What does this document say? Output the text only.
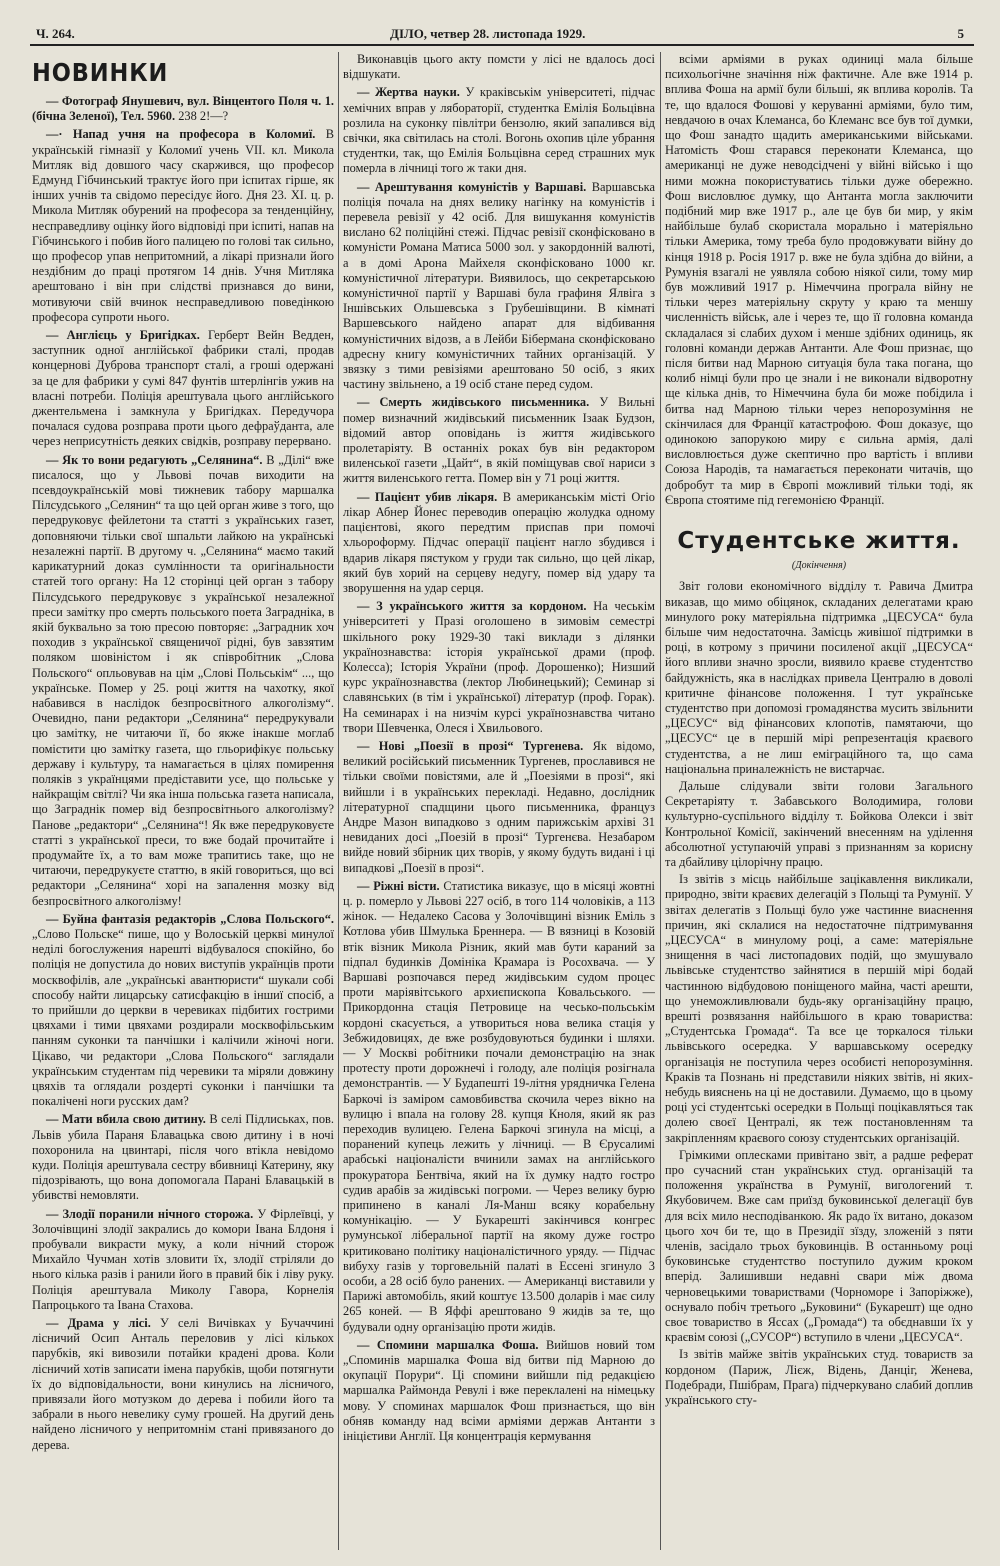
Ч. 264.	ДІЛО, четвер 28. листопада 1929.	5
НОВИНКИ

— Фотограф Янушевич, вул. Вінцентого Поля ч. 1. (бічна Зеленої), Тел. 5960. 238 2!—?

—· Напад учня на професора в Коломиї. В українській гімназії у Коломиї учень VII. кл. Микола Митляк від довшого часу скаржився, що професор Едмунд Гібчинський трактує його при іспитах гірше, як інших учнів та свідомо пересідує його. Дня 23. XI. ц. р. Микола Митляк обурений на професора за тенденційну, несправедливу оцінку його відповіді при іспиті, напав на Гібчинського і побив його палицею по голові так сильно, що професор упав непритомний, а лікарі признали його нездібним до праці протягом 14 днів. Учня Митляка арештовано і він при слідстві признався до вини, мотивуючи свій вчинок несправедливою поведінкою професора супроти нього.

— Англієць у Бригідках. Герберт Вейн Ведден, заступник одної англійської фабрики сталі, продав концернові Дуброва транспорт сталі, а гроші одержані за це для фабрики у сумі 847 фунтів штерлінгів ужив на власні потреби. Поліція арештувала цього англійського джентельмена і замкнула у Бригідках. Передучора почалася судова розправа проти цього дефраўданта, але через неприсутність деяких свідків, розправу перервано.

— Як то вони редагують „Селянина“. В „Ділі“ вже писалося, що у Львові почав виходити на псевдоукраїнській мові тижневик табору маршалка Пілсудського „Селянин“ та що цей орган живе з того, що передруковує фейлетони та статті з українських газет, доповняючи тільки свої шпальти лайкою на українські незалежні партії. В другому ч. „Селянина“ маємо такий карикатурний доказ сумлінности та оригінальности статей того органу: На 12 сторінці цей орган з табору Пілсудського передруковує з української незалежної преси замітку про смерть польського поета Заградніка, в якій буквально за тою пресою повторяє: „Заградник хоч походив з української священичої рідні, був завзятим поляком шовіністом і як співробітник „Слова Польского“ опльовував на цім „Слові Польськім“ ..., що українське. Помер у 25. році життя на чахотку, якої набавився в наслідок безпросвітного алкоголізму“. Очевидно, пани редактори „Селянина“ передрукували цю замітку, не читаючи її, бо якже інакше моглаб помістити цю замітку газета, що гльорифікує польську державу і культуру, та намагається в цілях помирення поляків з українцями предіставити усе, що польське у найкращім світлі? Чи яка інша польська газета написала, що Заграднік помер від безпросвітнього алкоголізму? Панове „редактори“ „Селянина“! Як вже передруковуєте статті з української преси, то вже бодай прочитайте і продумайте їх, а то вам може трапитись таке, що не читаючи, передрукуєте статтю, в якій говориться, що всі редактори „Селянина“ хорі на запалення мозку від безпросвітного алкоголізму!

— Буйна фантазія редакторів „Слова Польского“. „Слово Польске“ пише, що у Волоській церкві минулої неділі богослужения нарешті відбувалося спокійно, бо поліція не допустила до нових виступів українців проти москвофілів, але „українські авантюристи“ шукали собі способу найти лицарську сатисфакцію в іншиї спосіб, а то прийшли до церкви в черевиках підбитих гострими цвяхами і тими цвяхами роздирали москвофільським панням суконки та панчішки і калічили жіночі ноги. Цікаво, чи редактори „Слова Польского“ заглядали українським студентам під черевики та міряли довжину цвяхів та оглядали роздерті суконки і панчішки та покалічені ноги русских дам?

— Мати вбила свою дитину. В селі Підлиськах, пов. Львів убила Параня Блавацька свою дитину і в ночі похоронила на цвинтарі, після чого втікла невідомо куди. Поліція арештувала сестру вбивниці Катерину, яку підозрівають, що вона допомогала Парані Блавацькій в убивстві немовляти.

— Злодії поранили нічного сторожа. У Фірлеївці, у Золочівщині злодії закрались до комори Івана Блдоня і пробували викрасти муку, а коли нічний сторож Михайло Чучман хотів зловити їх, злодії стріляли до нього кілька разів і ранили його в правий бік і ліву руку. Поліція арештувала Миколу Гавора, Корнелія Папроцького та Івана Стахова.

— Драма у лісі. У селі Вичівках у Бучаччині лісничий Осип Анталь переловив у лісі кількох парубків, які вивозили потайки крадені дрова. Коли лісничий хотів записати імена парубків, щоби потягнути їх до відповідальности, вони кинулись на лісничого, привязали його мотузком до дерева і побили його та забрали в нього невелику суму грошей. На другий день найдено лісничого у непритомнім стані привязаного до дерева.

Виконавців цього акту помсти у лісі не вдалось досі відшукати.

— Жертва науки. У краківськім університеті, підчас хемічних вправ у лябораторії, студентка Емілія Больцівна розлила на суконку півлітри бензолю, який запалився від свічки, яка світилась на столі. Вогонь охопив ціле убрання студентки, так, що Емілія Больцівна серед страшних мук померла в лічниці того ж таки дня.

— Арештування комуністів у Варшаві. Варшавська поліція почала на днях велику нагінку на комуністів і перевела ревізії у 42 осіб. Для вишукання комуністів вислано 62 поліційні стежі. Підчас ревізії сконфісковано в комуністи Романа Матиса 5000 зол. у закордонній валюті, а в домі Арона Майхеля сконфісковано 1000 кг. комуністичної літератури. Виявилось, що секретарською комуністичної партії у Варшаві була графиня Ялвіга з Іншівських Ольшевська з Грубешівщини. В кімнаті Варшевського найдено апарат для відбивання комуністичних відозв, а в Лейби Бібермана сконфісковано адресну книгу комуністичних тайних організацій. У звязку з тими ревізіями арештовано 50 осіб, з яких частину звільнено, а 19 осіб стане перед судом.

— Смерть жидівського письменника. У Вильні помер визначний жидівський письменник Ізаак Будзон, відомий автор оповідань із життя жидівського пролетаріяту. В останніх роках був він редактором виленської газети „Цайт“, в якій поміщував свої нариси з життя виленського гетта. Помер він у 71 році життя.

— Пацієнт убив лікаря. В американськім місті Огіо лікар Абнер Йонес переводив операцію жолудка одному пацієнтові, якого передтим приспав при помочі хльороформу. Підчас операції пацієнт нагло збудився і вдарив лікаря пястуком у груди так сильно, що цей лікар, який був хорий на серцеву недугу, помер від удару та зворушення на удар серця.

— З українського життя за кордоном. На чеськім університеті у Празі оголошено в зимовім семестрі шкільного року 1929-30 такі виклади з ділянки українознавства: історія української драми (проф. Колесса); Історія України (проф. Дорошенко); Низший курс українознавства (лектор Любинецький); Семинар зі славянських (в тім і української) літератур (проф. Горак). На семинарах і на низчім курсі українознавства читано твори Шевченка, Олеся і Хвильового.

— Нові „Поезії в прозі“ Тургенева. Як відомо, великий російський письменник Тургенев, прославився не тільки своїми повістями, але й „Поезіями в прозі“, які вийшли і в українських перекладі. Недавно, дослідник літературної спадщини цього письменника, француз Андре Мазон випадково з одним парижськім архіві 31 невиданих досі „Поезій в прозі“ Тургенєва. Незабаром вийде новий збірник цих творів, у якому будуть видані і ці випадкові „Поезії в прозі“.

— Ріжні вісти. Статистика виказує, що в місяці жовтні ц. р. померло у Львові 227 осіб, в того 114 чоловіків, а 113 жінок. — Недалеко Сасова у Золочівщині візник Еміль з Котлова убив Шмулька Бреннера. — В вязниці в Козовій втік візник Микола Різник, який мав бути караний за підпал будинків Домініка Крамара із Росохвача. — У Варшаві розпочався перед жидівським судом процес проти маріявітського архиєпископа Ковальського. — Прикордонна стація Петровице на чесько-польськім кордоні скасується, а утвориться нова велика стація у Зебжидовицях, де вже розбудовуються будинки і шляхи. — У Москві робітники почали демонстрацію на знак протесту проти дорожнечі і голоду, але поліція розігнала демонстрантів. — У Будапешті 19-літня урядничка Гелена Баркочі із заміром самовбивства скочила через вікно на вулицю і впала на голову 28. купця Кноля, який як раз переходив вулицею. Гелена Баркочі згинула на місці, а поранений купець лежить у лічниці. — В Єрусалимі арабські націоналісти вчинили замах на англійського прокуратора Бентвіча, який на їх думку надто гостро судив арабів за жидівські погроми. — Через велику бурю припинено в каналі Ля-Манш всяку корабельну комунікацію. — У Букарешті закінчився конгрес румунської ліберальної партії на якому дуже гостро критиковано політику націоналістичного уряду. — Підчас вибуху газів у торговельній палаті в Ессені згинуло 3 особи, а 28 осіб було ранених. — Американці виставили у Парижі автомобіль, який коштує 13.500 доларів і має силу 265 коней. — В Яффі арештовано 9 жидів за те, що будували одну організацію проти жидів.

— Спомини маршалка Фоша. Вийшов новий том „Споминів маршалка Фоша від битви під Марною до окупації Порури“. Ці спомини вийшли під редакцією маршалка Раймонда Ревулі і вже переклалені на німецьку мову. У споминах маршалок Фош признається, що він обняв команду над всіми арміями держав Антанти з ініцієтиви Англії. Ця концентрація кермування

всіми арміями в руках одиниці мала більше психольогічне значіння ніж фактичне. Але вже 1914 р. вплива Фоша на армії були більші, як вплива королів. Та те, що вдалося Фошові у керуванні арміями, було тим, невдачою в очах Клеманса, бо Клеманс все був тої думки, що Фош занадто щадить американськими військами. Натомість Фош старався переконати Клеманса, що американці не дуже неводсідчені у війні військо і що ними можна покористуватись тільки дуже обережно. Фош висловлює думку, що Антанта могла заключити подібний мир вже 1917 р., але це був би мир, у якім найбільше булаб скористала морально і матеріяльно тільки Америка, тому треба було продовжувати війну до кінця 1918 р. Росія 1917 р. вже не була здібна до війни, а Румунія взагалі не уявляла собою ніякої сили, тому мир був можливий 1917 р. Німеччина програла війну не тільки через матеріяльну скруту у краю та меншу численність військ, але і через те, що її головна команда складалася зі слабих духом і менше здібних одиниць, як головні команди держав Антанти. Але Фош признає, що після битви над Марною ситуація була така погана, що колиб німці були про це знали і не виконали відворотну ще кілька днів, то Німеччина була би може побідила і битва над Марною тільки через непорозуміння не скінчилася для Франції катастрофою. Фош доказує, що одинокою запорукою миру є сильна армія, далі висловлюється дуже скептично про вартість і впливи Союза Народів, та намагається переконати читачів, що добробут та мир в Європі можливий тільки тоді, як Європа стоятиме під гегемонією Франції.

Студентське життя.
(Докінчення)

Звіт голови економічного відділу т. Равича Дмитра виказав, що мимо обіцянок, складаних делегатами краю минулого року матеріяльна підтримка „ЦЕСУСА“ була більше чим недостаточна. Замісць живішої підтримки в році, в котрому з причини посиленої акції „ЦЕСУСА“ його впливи значно зросли, виявило краєве студентство байдужність, яка в наслідках привела Централю в доволі критичне фінансове положення. І тут українське студентство при допомозі громадянства мусить звільнити „ЦЕСУС“ від фінансових клопотів, памятаючи, що „ЦЕСУС“ це в першій мірі репрезентація краєвого студентства, а не лиш еміграційного та, що сама національна приналежність не вистарчає.

Дальше слідували звіти голови Загального Секретаріяту т. Забавського Володимира, голови культурно-суспільного відділу т. Бойкова Олекси і звіт Контрольної Комісії, закінчений внесенням на уділення абсолютної уступаючій управі з признанням за корисну та дбайливу цілорічну працю.

Із звітів з місць найбільше зацікавлення викликали, природно, звіти краєвих делегацій з Польщі та Румунії. У звітах делегатів з Польщі було уже частинне виаснення причин, які склалися на недостаточне підтримування „ЦЕСУСА“ в минулому році, а саме: матеріяльне знищення в часі листопадових подій, що змушувало львівське студентство зайнятися в першій мірі бодай частинною відбудовою поніщеного майна, часті арешти, що унеможливлювали будь-яку організаційну працю, врешті розвязання найбільшого в краю товариства: „Студентська Громада“. Та все це торкалося тільки львівського осередка. У варшавському осередку організація не поступила через особисті непорозуміння. Краків та Познань ні представили ніяких звітів, ні яких-небудь вияснень на ці не доставили. Думаємо, що в цьому році усі студентські осередки в Польщі поцікавляться так долею своєї Централі, як теж постановленням та закріпленням краєвого союзу студентських організацій.

Грімкими оплесками привітано звіт, а радше реферат про сучасний стан українських студ. організацій та положення українства в Румунії, вигологений т. Якубовичем. Вже сам приїзд буковинської делегації був для всіх мило несподіванкою. Як радо їх витано, доказом цього хоч би те, що в Президії зїзду, зложеній з пяти членів, засідало трьох буковинців. В останньому році буковинське студентство поступило дужим кроком вперід. Залишивши недавні свари між двома черновецькими товариствами (Чорноморе і Запоріжже), оснувало побіч третього „Буковини“ (Букарешт) ще одно своє товариство в Яссах („Громада“) та обєднавши їх у краєвім союзі („СУСОР“) вступило в члени „ЦЕСУСА“.

Із звітів майже звітів українських студ. товариств за кордоном (Париж, Лієж, Відень, Данціг, Женева, Подебради, Пшібрам, Прага) підчеркувано слабий доплив українського сту-
